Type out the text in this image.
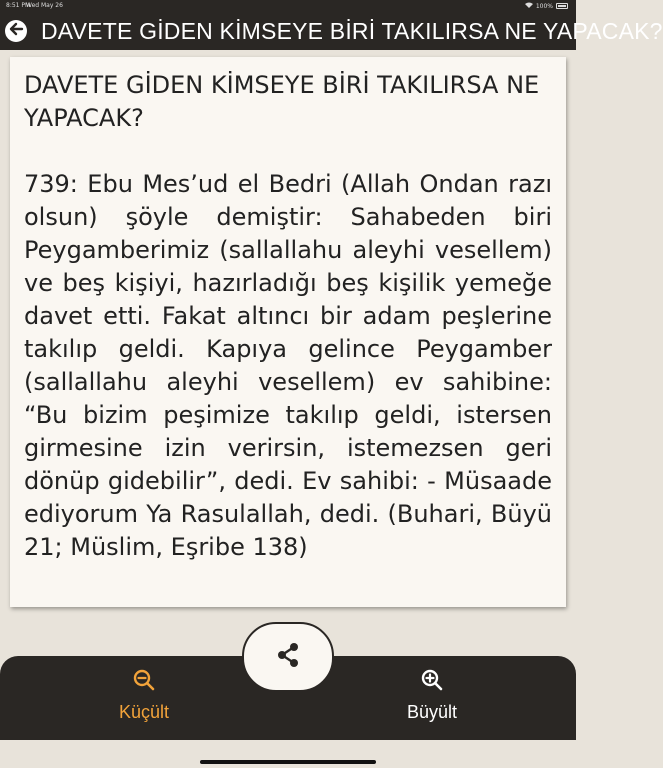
8:51 PM
Wed May 26	100%
DAVETE GİDEN KİMSEYE BİRİ TAKILIRSA NE YAPACAK?
DAVETE GİDEN KİMSEYE BİRİ TAKILIRSA NE YAPACAK?
739: Ebu Mes’ud el Bedri (Allah Ondan razı olsun) şöyle demiştir: Sahabeden biri Peygamberimiz (sallallahu aleyhi vesellem) ve beş kişiyi, hazırladığı beş kişilik yemeğe davet etti. Fakat altıncı bir adam peşlerine takılıp geldi. Kapıya gelince Peygamber (sallallahu aleyhi vesellem) ev sahibine: “Bu bizim peşimize takılıp geldi, istersen girmesine izin verirsin, istemezsen geri dönüp gidebilir”, dedi. Ev sahibi: - Müsaade ediyorum Ya Rasulallah, dedi. (Buhari, Büyü 21; Müslim, Eşribe 138)
Küçült	Büyült
